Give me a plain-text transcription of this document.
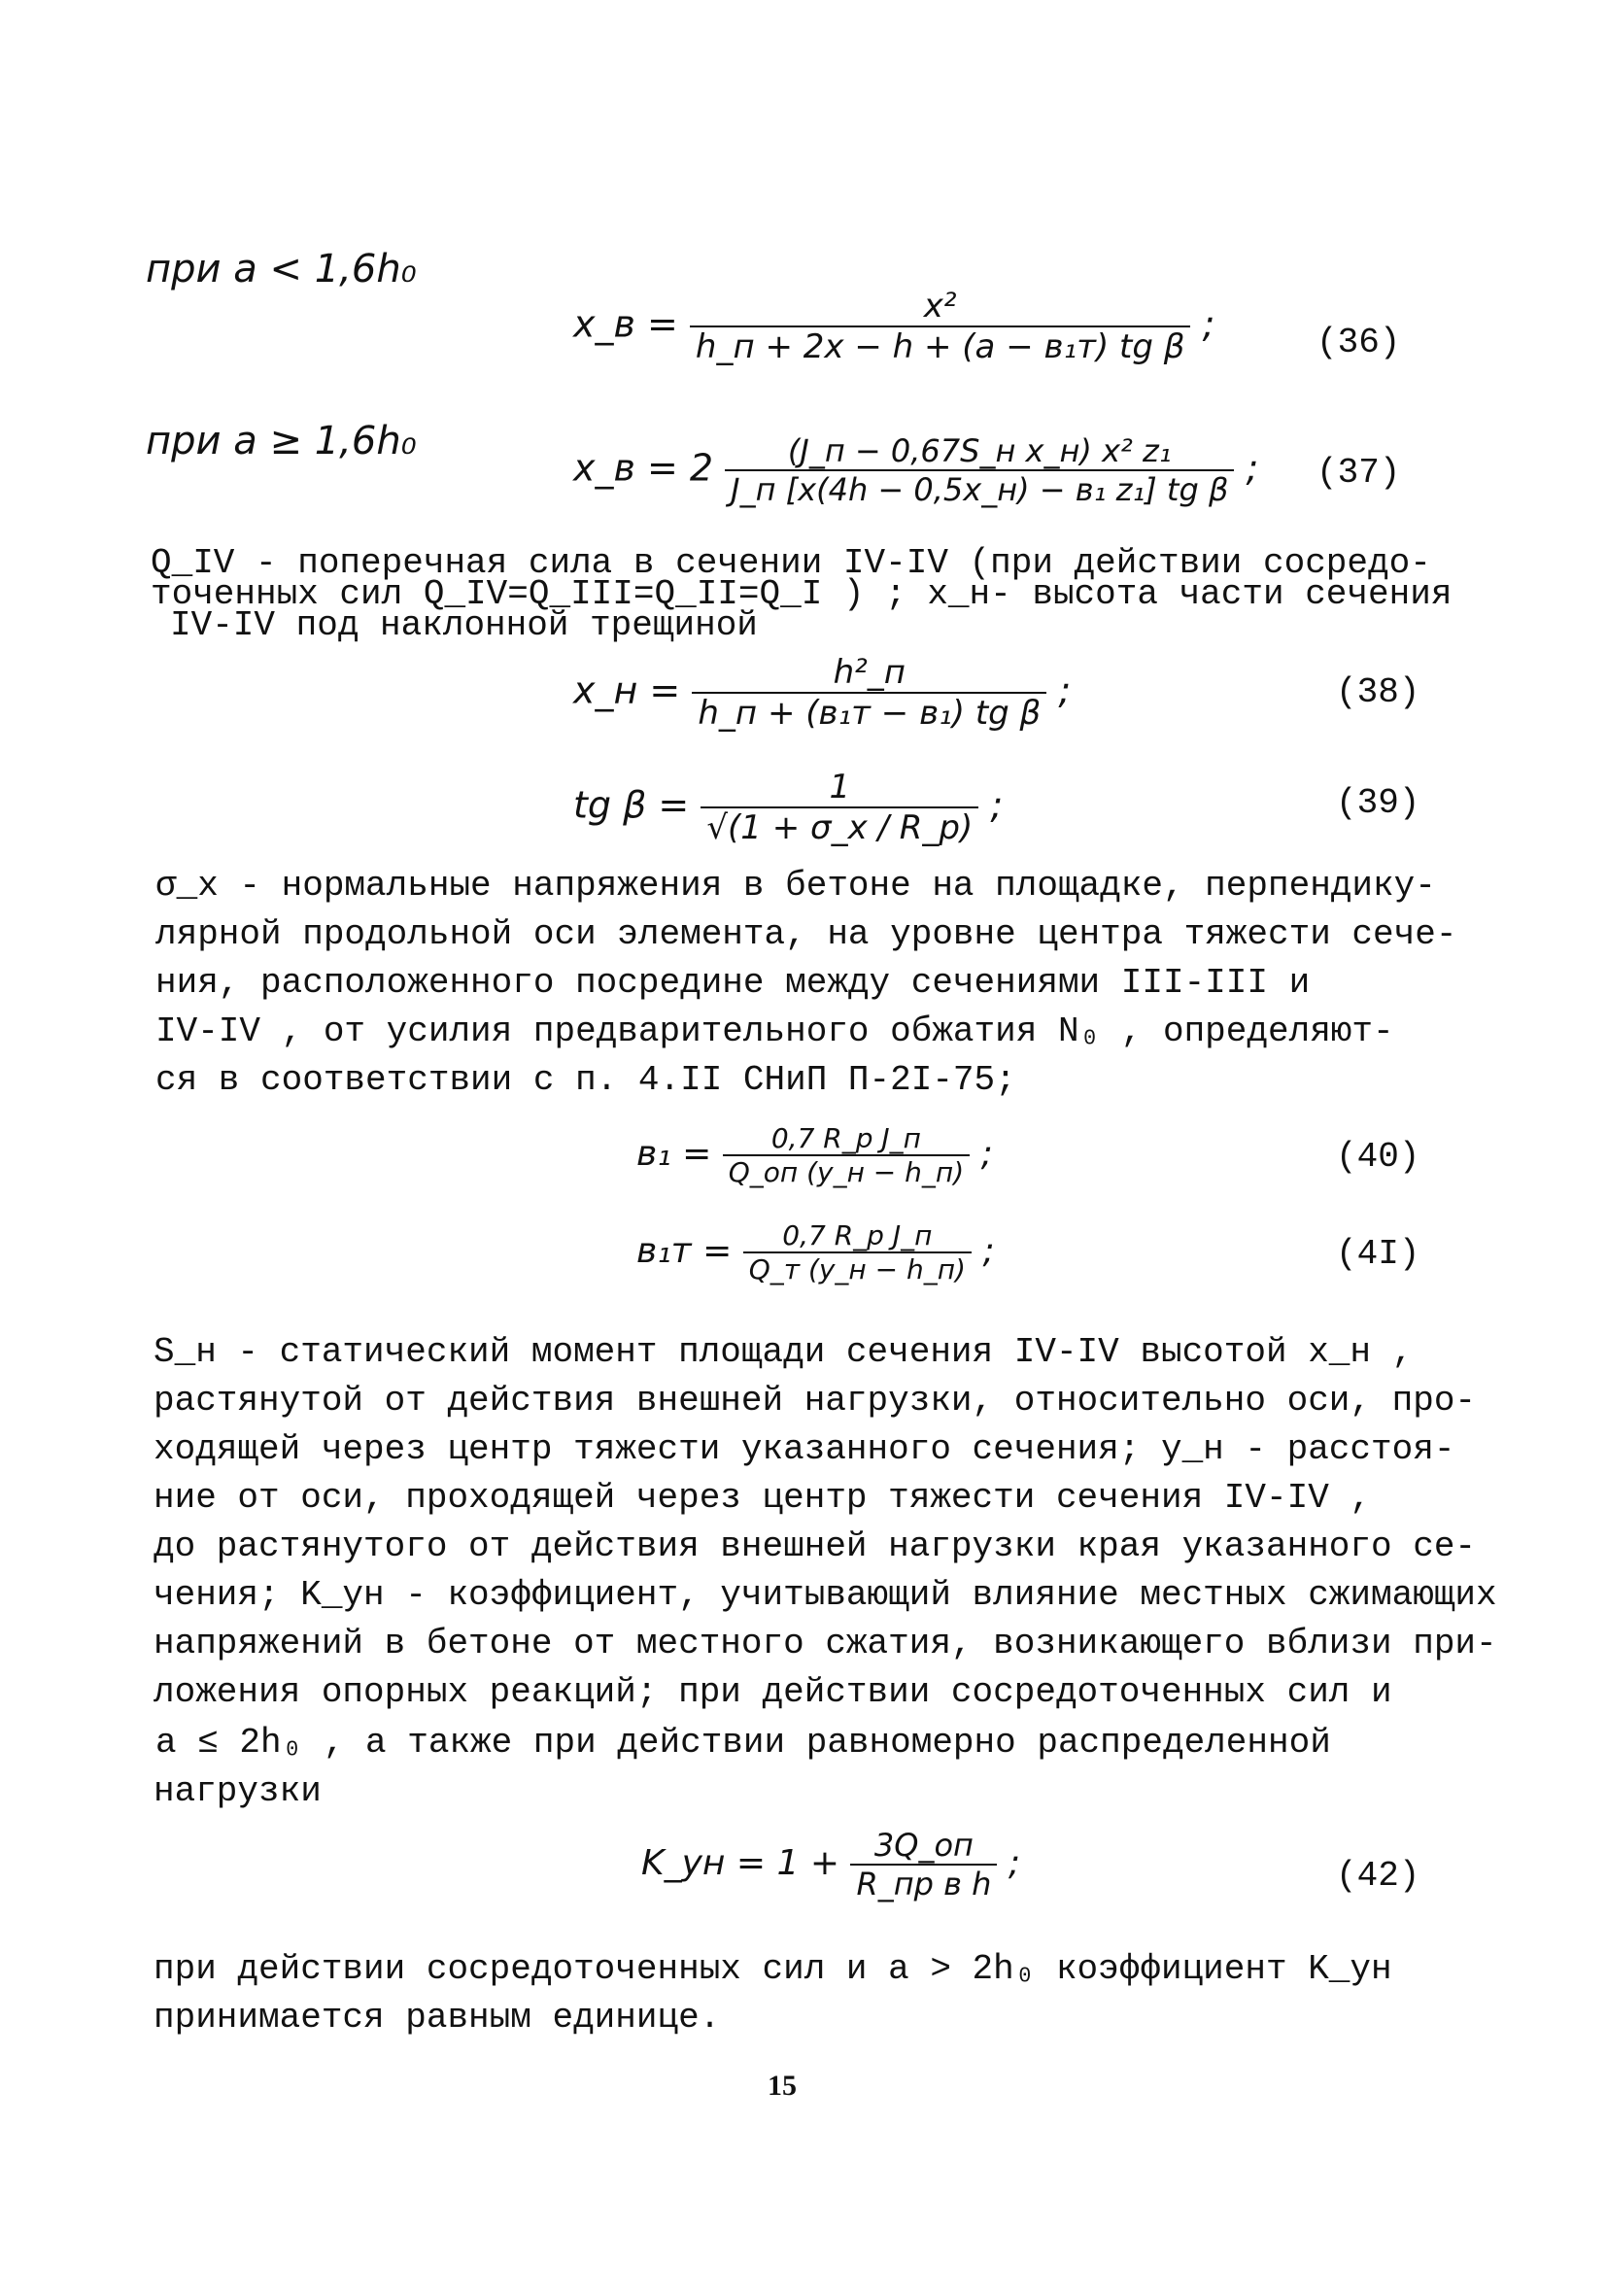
при a < 1,6h₀
x_в = $\frac{\text{x²}}{\text{h\_п + 2x − h + (a − в₁т) tg β}}$ ;	(36)
при a ≥ 1,6h₀
x_в = $2 \frac{\text{(J\_п − 0,67S\_н x\_н) x² z₁}}{\text{J\_п [x(4h − 0,5x\_н) − в₁ z₁] tg β}}$ ; (37)
Q_IV - поперечная сила в сечении IV-IV (при действии сосредо-
точенных сил Q_IV=Q_III=Q_II=Q_I ) ; x_н- высота части сечения
IV-IV под наклонной трещиной
x_н = $\frac{\text{h²\_п}}{\text{h\_п + (в₁т − в₁) tg β}}$ ;	(38)
tg $\beta = \frac{1}{√(1 + \sigma\_x / R\_p)}$ ;	(39)
σ_x - нормальные напряжения в бетоне на площадке, перпендику-
лярной продольной оси элемента, на уровне центра тяжести сече-
ния, расположенного посредине между сечениями III-III и
IV-IV , от усилия предварительного обжатия N₀ , определяют-
ся в соответствии с п. 4.II СНиП П-2I-75;
$в_1 = \frac{\text{0,7 R\_p J\_п}}{Q\_оп (y\_н - h\_п)}$ ;	(40)
$в_1т = \frac{\text{0,7 R\_p J\_п}}{Q\_т (y\_н - h\_п)}$ ;	(4I)
S_н - статический момент площади сечения IV-IV высотой x_н ,
растянутой от действия внешней нагрузки, относительно оси, про-
ходящей через центр тяжести указанного сечения; y_н - расстоя-
ние от оси, проходящей через центр тяжести сечения IV-IV ,
до растянутого от действия внешней нагрузки края указанного се-
чения; K_ун - коэффициент, учитывающий влияние местных сжимающих
напряжений в бетоне от местного сжатия, возникающего вблизи при-
ложения опорных реакций; при действии сосредоточенных сил и
a ≤ 2h₀ , а также при действии равномерно распределенной
нагрузки
K_ун = $1 + \frac{3Q\_оп}{\text{R\_пр в h}}$ ;	(42)
при действии сосредоточенных сил и a > 2h₀ коэффициент K_ун
принимается равным единице.
15
